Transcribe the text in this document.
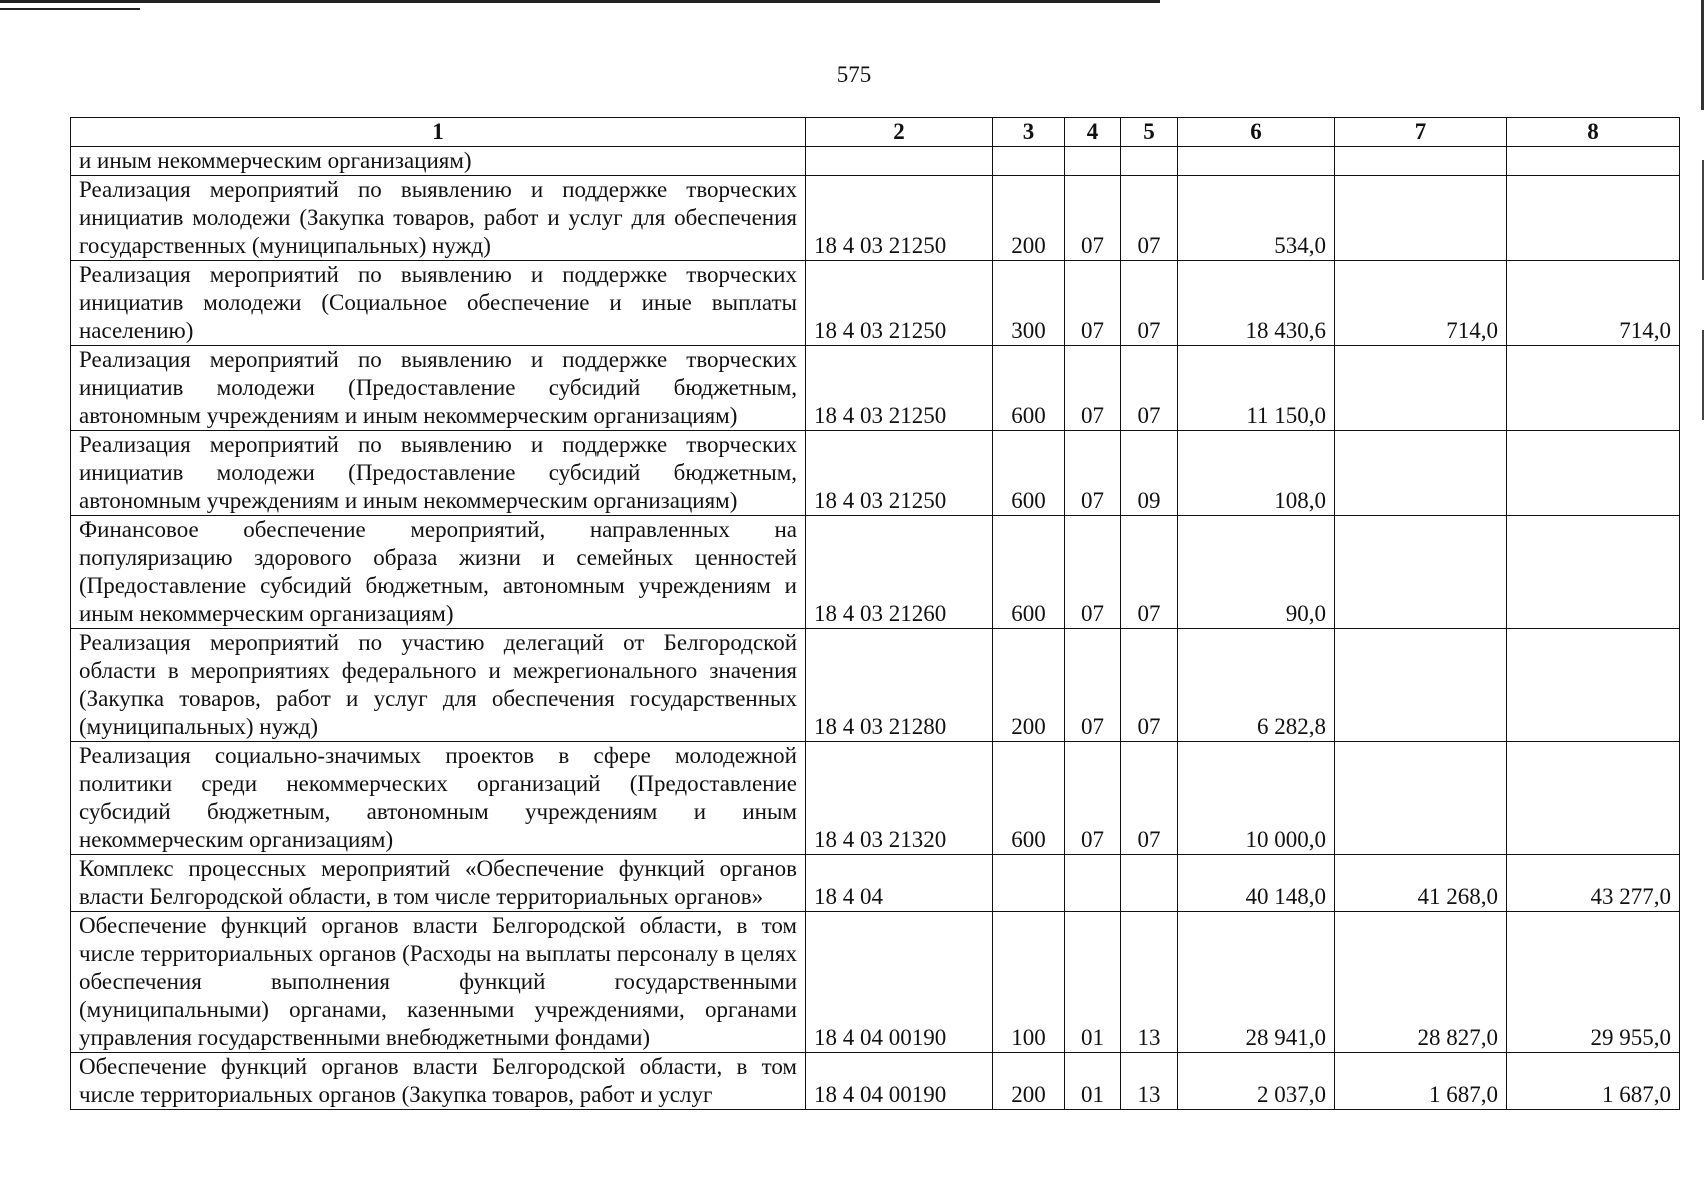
575
1	2	3	4	5	6	7	8
и иным некоммерческим организациям)							
Реализация мероприятий по выявлению и поддержке творческих инициатив молодежи (Закупка товаров, работ и услуг для обеспечения государственных (муниципальных) нужд)	18 4 03 21250	200	07	07	534,0		
Реализация мероприятий по выявлению и поддержке творческих инициатив молодежи (Социальное обеспечение и иные выплаты населению)	18 4 03 21250	300	07	07	18 430,6	714,0	714,0
Реализация мероприятий по выявлению и поддержке творческих инициатив молодежи (Предоставление субсидий бюджетным, автономным учреждениям и иным некоммерческим организациям)	18 4 03 21250	600	07	07	11 150,0		
Реализация мероприятий по выявлению и поддержке творческих инициатив молодежи (Предоставление субсидий бюджетным, автономным учреждениям и иным некоммерческим организациям)	18 4 03 21250	600	07	09	108,0		
Финансовое обеспечение мероприятий, направленных на популяризацию здорового образа жизни и семейных ценностей (Предоставление субсидий бюджетным, автономным учреждениям и иным некоммерческим организациям)	18 4 03 21260	600	07	07	90,0		
Реализация мероприятий по участию делегаций от Белгородской области в мероприятиях федерального и межрегионального значения (Закупка товаров, работ и услуг для обеспечения государственных (муниципальных) нужд)	18 4 03 21280	200	07	07	6 282,8		
Реализация социально-значимых проектов в сфере молодежной политики среди некоммерческих организаций (Предоставление субсидий бюджетным, автономным учреждениям и иным некоммерческим организациям)	18 4 03 21320	600	07	07	10 000,0		
Комплекс процессных мероприятий «Обеспечение функций органов власти Белгородской области, в том числе территориальных органов»	18 4 04				40 148,0	41 268,0	43 277,0
Обеспечение функций органов власти Белгородской области, в том числе территориальных органов (Расходы на выплаты персоналу в целях обеспечения выполнения функций государственными (муниципальными) органами, казенными учреждениями, органами управления государственными внебюджетными фондами)	18 4 04 00190	100	01	13	28 941,0	28 827,0	29 955,0
Обеспечение функций органов власти Белгородской области, в том числе территориальных органов (Закупка товаров, работ и услуг	18 4 04 00190	200	01	13	2 037,0	1 687,0	1 687,0
